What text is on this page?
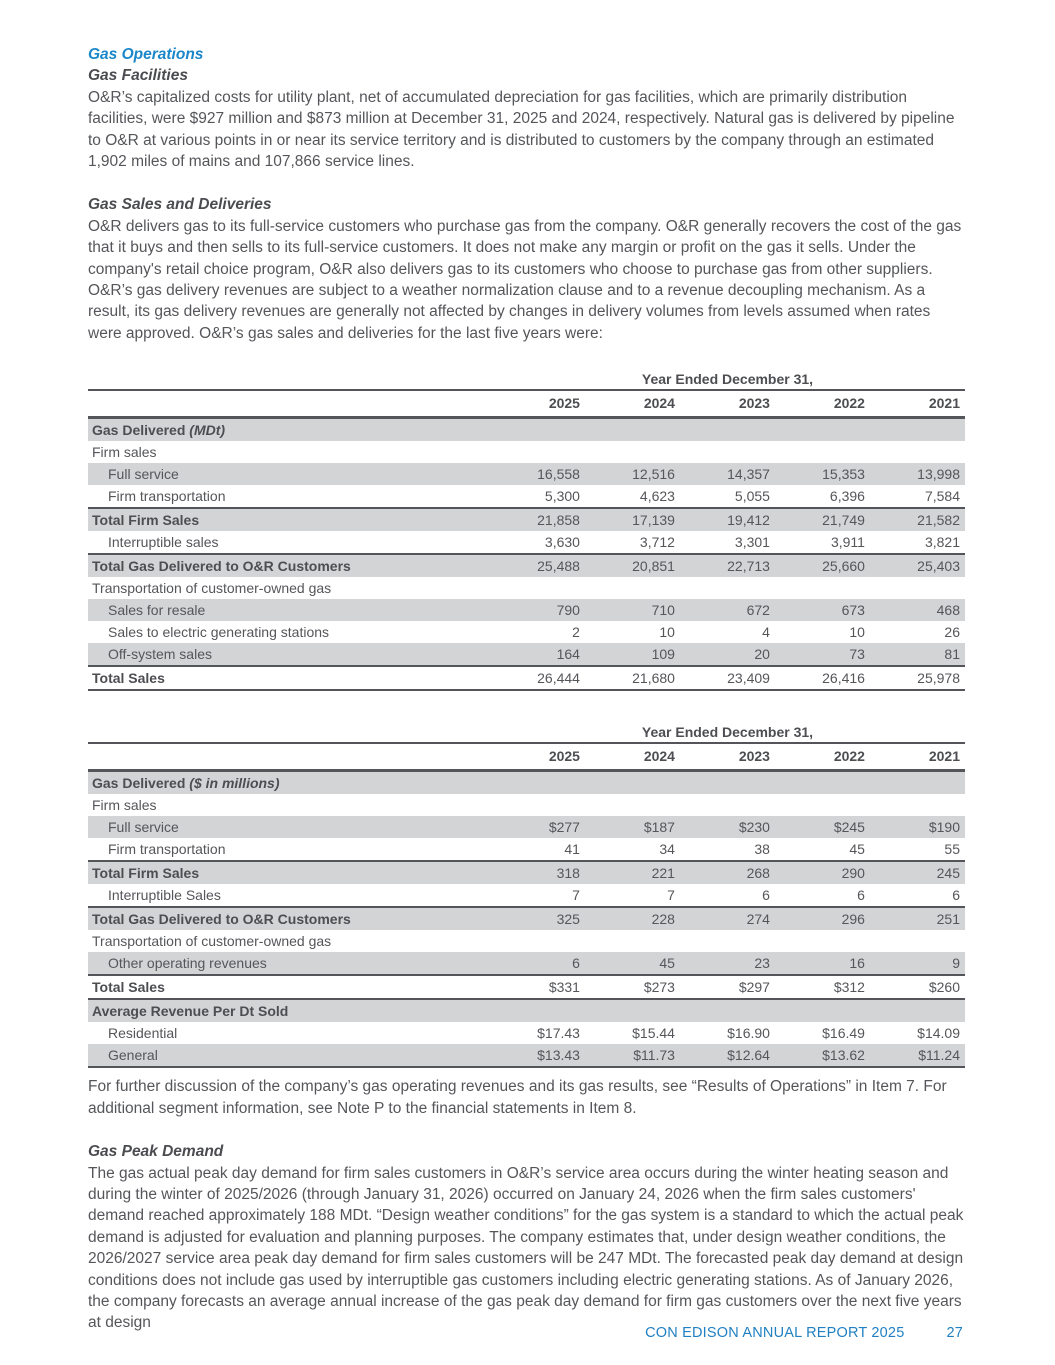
Gas Operations
Gas Facilities

O&R’s capitalized costs for utility plant, net of accumulated depreciation for gas facilities, which are primarily distribution facilities, were $927 million and $873 million at December 31, 2025 and 2024, respectively. Natural gas is delivered by pipeline to O&R at various points in or near its service territory and is distributed to customers by the company through an estimated 1,902 miles of mains and 107,866 service lines.

Gas Sales and Deliveries

O&R delivers gas to its full-service customers who purchase gas from the company. O&R generally recovers the cost of the gas that it buys and then sells to its full-service customers. It does not make any margin or profit on the gas it sells. Under the company's retail choice program, O&R also delivers gas to its customers who choose to purchase gas from other suppliers. O&R’s gas delivery revenues are subject to a weather normalization clause and to a revenue decoupling mechanism. As a result, its gas delivery revenues are generally not affected by changes in delivery volumes from levels assumed when rates were approved. O&R’s gas sales and deliveries for the last five years were:

	Year Ended December 31,				
	2025	2024	2023	2022	2021
Gas Delivered (MDt)					
Firm sales					
Full service	16,558	12,516	14,357	15,353	13,998
Firm transportation	5,300	4,623	5,055	6,396	7,584
Total Firm Sales	21,858	17,139	19,412	21,749	21,582
Interruptible sales	3,630	3,712	3,301	3,911	3,821
Total Gas Delivered to O&R Customers	25,488	20,851	22,713	25,660	25,403
Transportation of customer-owned gas					
Sales for resale	790	710	672	673	468
Sales to electric generating stations	2	10	4	10	26
Off-system sales	164	109	20	73	81
Total Sales	26,444	21,680	23,409	26,416	25,978
	Year Ended December 31,				
	2025	2024	2023	2022	2021
Gas Delivered ($ in millions)					
Firm sales					
Full service	$277	$187	$230	$245	$190
Firm transportation	41	34	38	45	55
Total Firm Sales	318	221	268	290	245
Interruptible Sales	7	7	6	6	6
Total Gas Delivered to O&R Customers	325	228	274	296	251
Transportation of customer-owned gas					
Other operating revenues	6	45	23	16	9
Total Sales	$331	$273	$297	$312	$260
Average Revenue Per Dt Sold					
Residential	$17.43	$15.44	$16.90	$16.49	$14.09
General	$13.43	$11.73	$12.64	$13.62	$11.24

For further discussion of the company’s gas operating revenues and its gas results, see “Results of Operations” in Item 7. For additional segment information, see Note P to the financial statements in Item 8.

Gas Peak Demand

The gas actual peak day demand for firm sales customers in O&R’s service area occurs during the winter heating season and during the winter of 2025/2026 (through January 31, 2026) occurred on January 24, 2026 when the firm sales customers' demand reached approximately 188 MDt. “Design weather conditions” for the gas system is a standard to which the actual peak demand is adjusted for evaluation and planning purposes. The company estimates that, under design weather conditions, the 2026/2027 service area peak day demand for firm sales customers will be 247 MDt. The forecasted peak day demand at design conditions does not include gas used by interruptible gas customers including electric generating stations. As of January 2026, the company forecasts an average annual increase of the gas peak day demand for firm gas customers over the next five years at design

CON EDISON ANNUAL REPORT 2025	27
